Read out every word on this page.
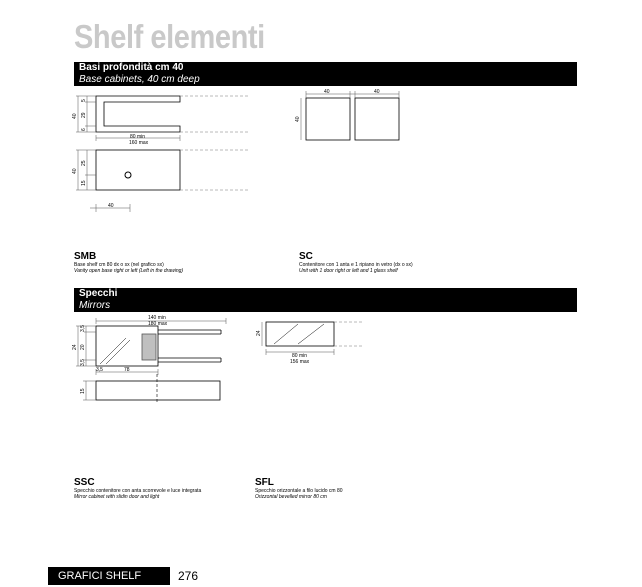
Shelf elementi
Basi profondità cm 40
Base cabinets, 40 cm deep
40
5
29
6
80 min
160 max
40
25
15
40
40	40
40
SMB
Base shelf cm 80 dx o sx (nel grafico sx)
Vanity open base right or left (Left in the drawing)
SC
Contenitore con 1 anta e 1 ripiano in vetro (dx o sx)
Unit with 1 door right or left and 1 glass shelf
Specchi
Mirrors
140 min
180 max
24
3,5
20
3,5
3,5	78
15
24
80 min
156 max
SSC
Specchio contenitore con anta scorrevole e luce integrata
Mirror cabinet with slidin door and light
SFL
Specchio orizzontale a filo lucido cm 80
Orizzontal bevelled mirror 80 cm
GRAFICI SHELF	276
